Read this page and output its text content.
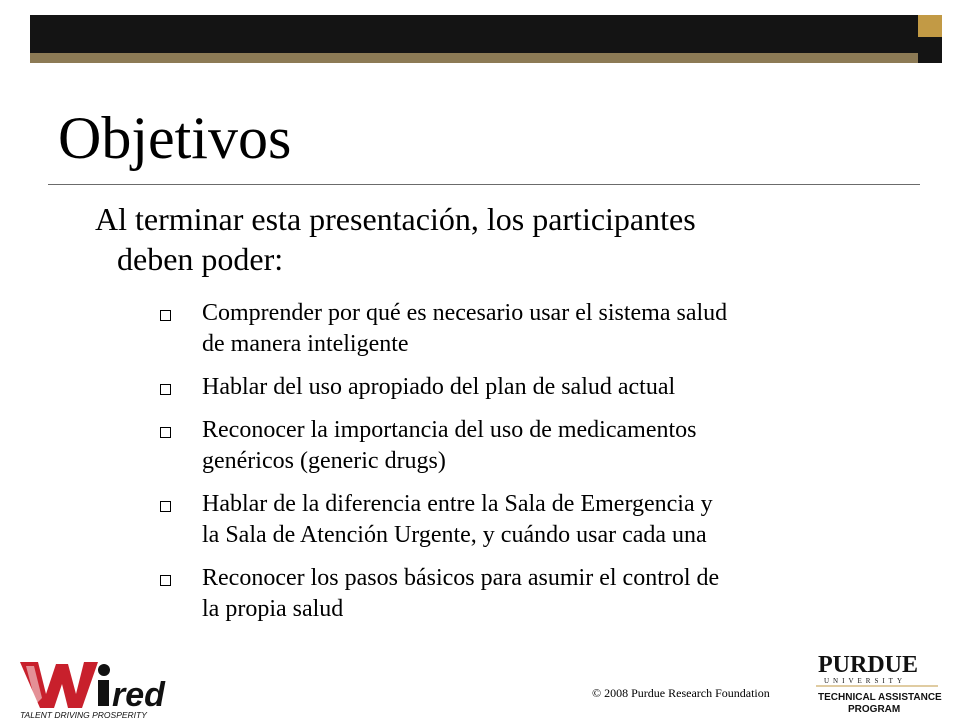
Objetivos
Al terminar esta presentación, los participantes
deben poder:
Comprender por qué es necesario usar el sistema salud
de manera inteligente
Hablar del uso apropiado del plan de salud actual
Reconocer la importancia del uso de medicamentos
genéricos (generic drugs)
Hablar de la diferencia entre la Sala de Emergencia y
la Sala de Atención Urgente, y cuándo usar cada una
Reconocer los pasos básicos para asumir el control de
la propia salud
red
TALENT DRIVING PROSPERITY
© 2008 Purdue Research Foundation
PURDUE
UNIVERSITY
TECHNICAL ASSISTANCE
PROGRAM
